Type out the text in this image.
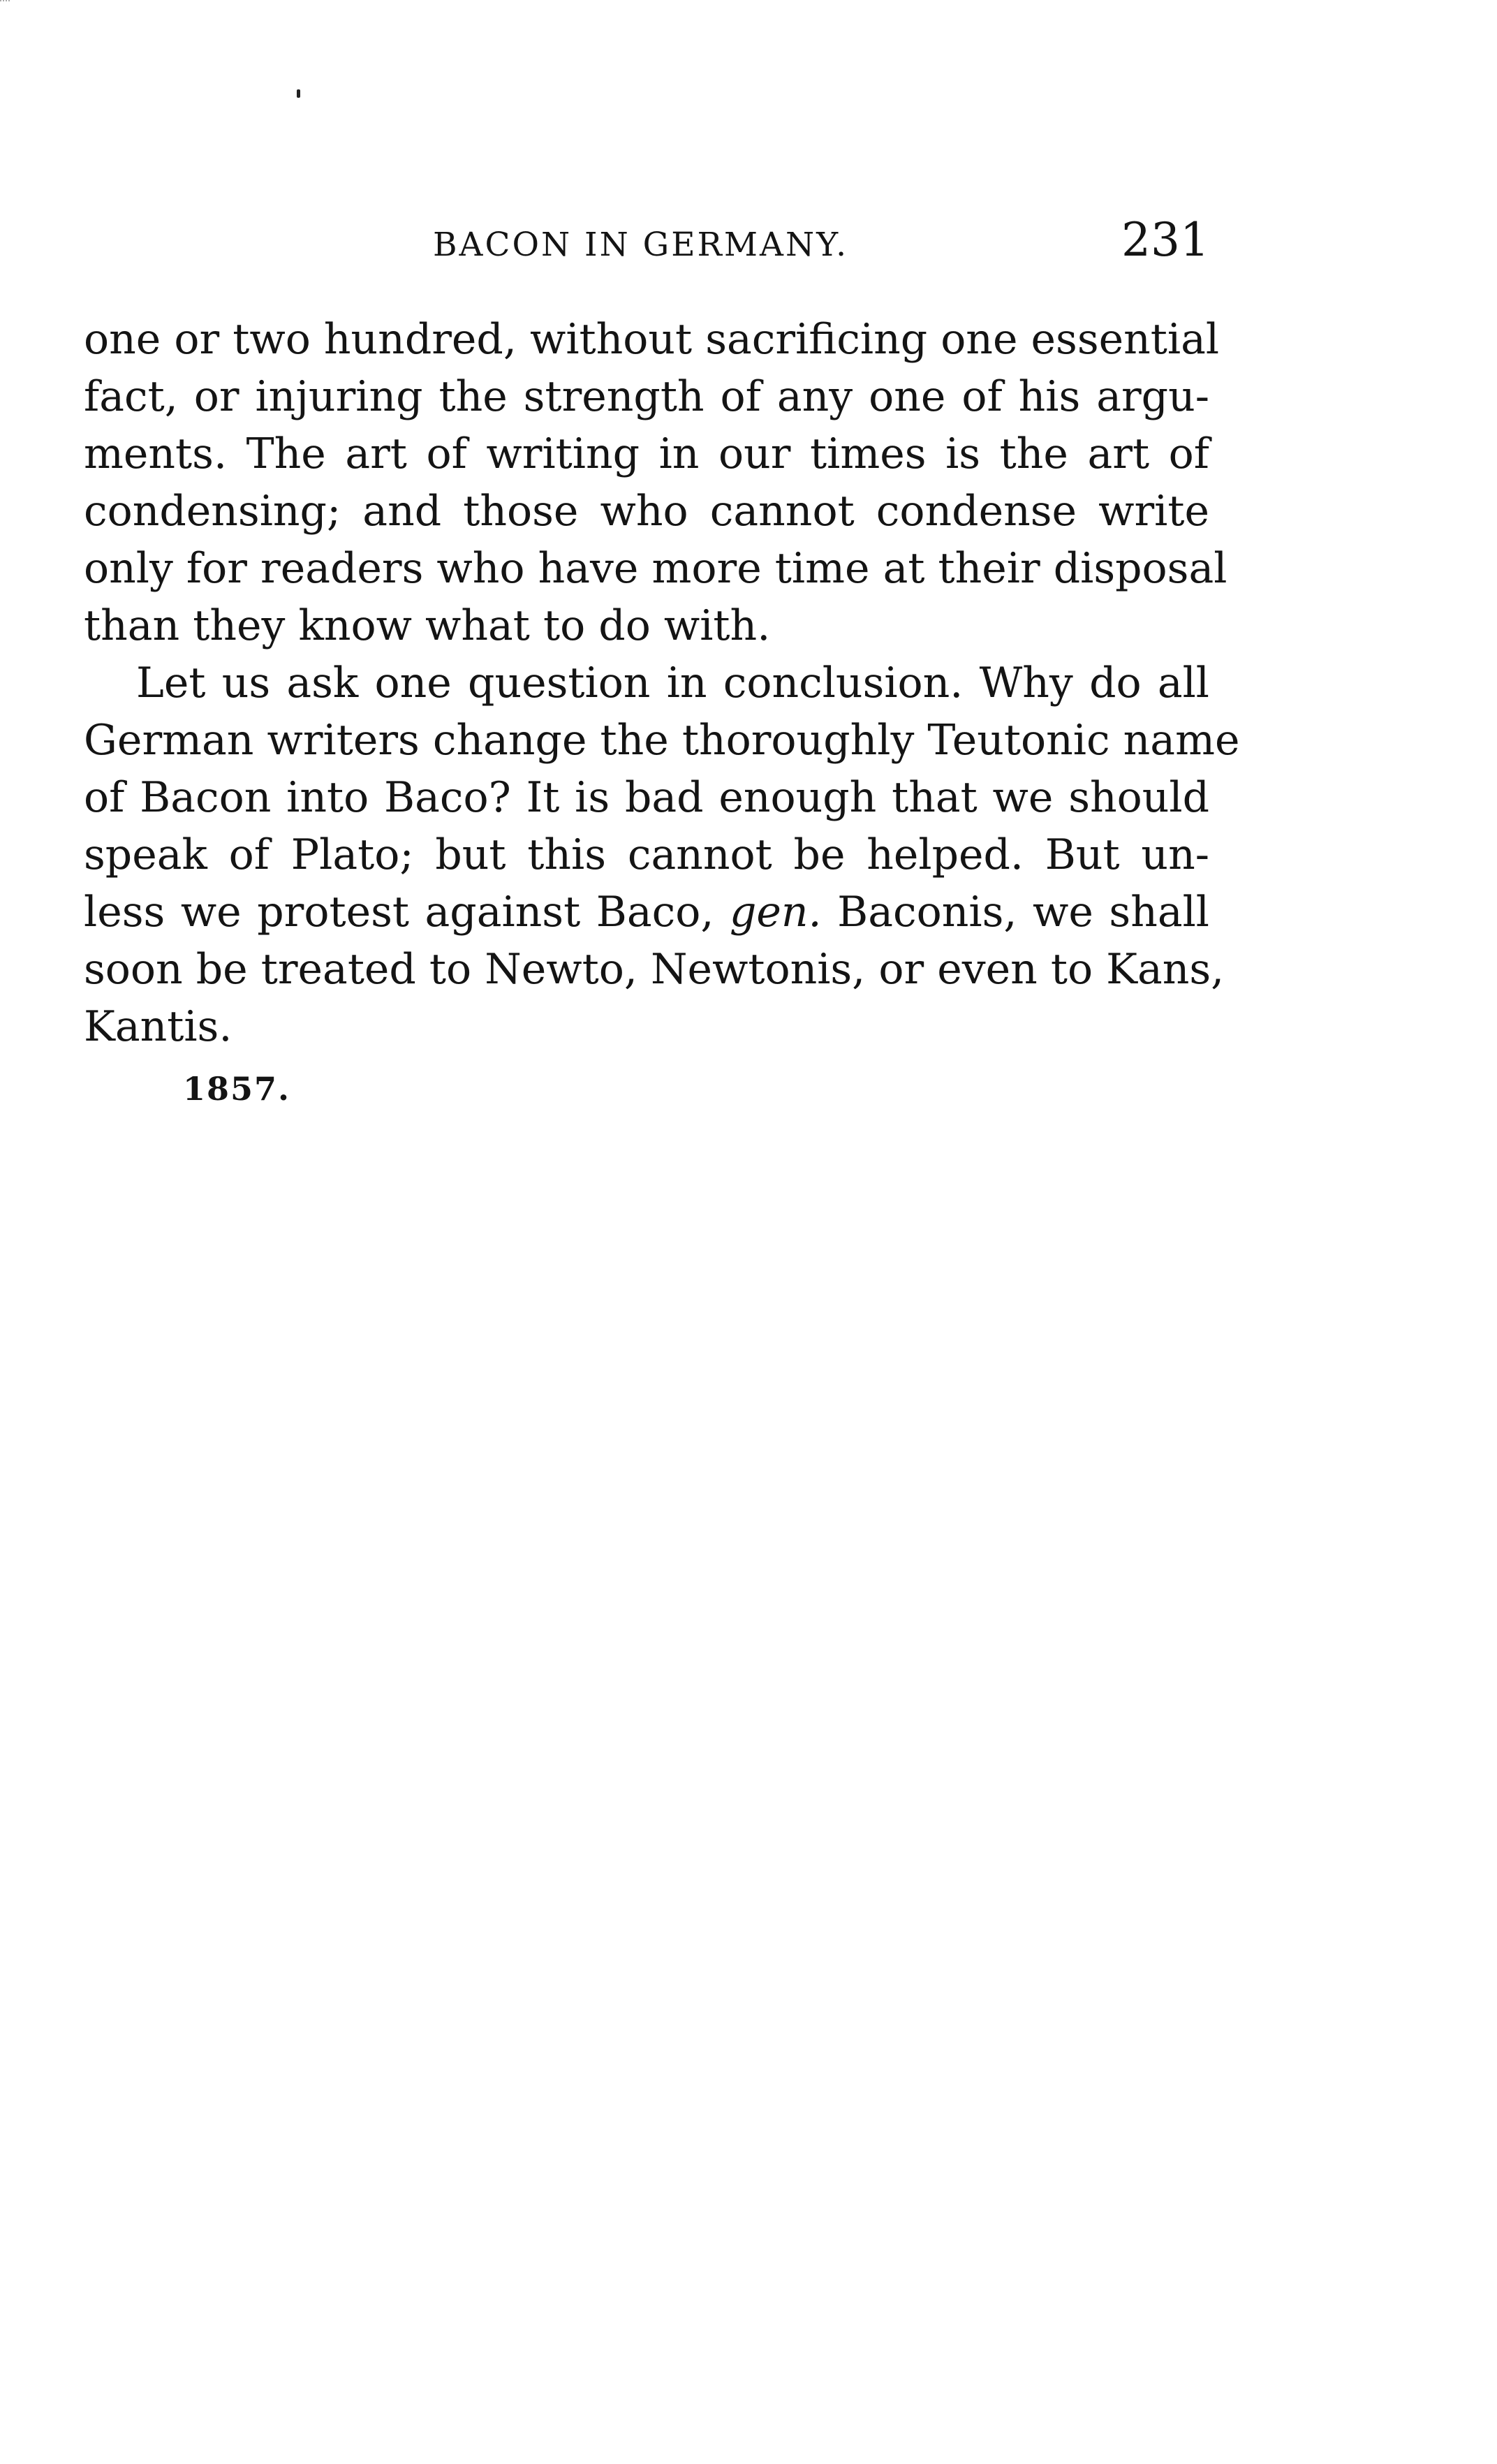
BACON IN GERMANY.	231
one or two hundred, without sacrificing one essential
fact, or injuring the strength of any one of his argu-
ments. The art of writing in our times is the art of
condensing; and those who cannot condense write
only for readers who have more time at their disposal
than they know what to do with.
Let us ask one question in conclusion. Why do all
German writers change the thoroughly Teutonic name
of Bacon into Baco? It is bad enough that we should
speak of Plato; but this cannot be helped. But un-
less we protest against Baco, gen. Baconis, we shall
soon be treated to Newto, Newtonis, or even to Kans,
Kantis.
1857.
